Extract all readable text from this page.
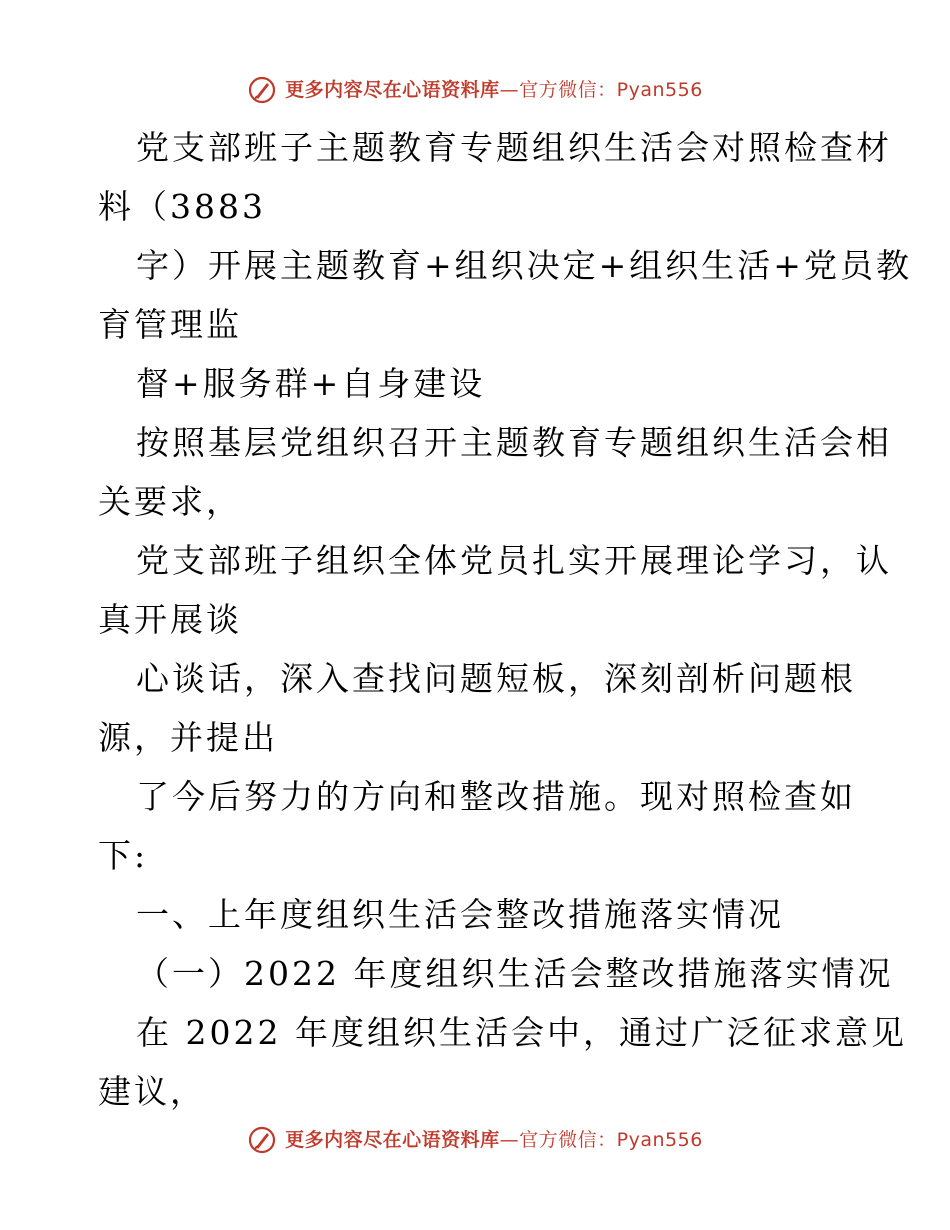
更多内容尽在心语资料库—官方微信：Pyan556
党支部班子主题教育专题组织生活会对照检查材
料（3883
字）开展主题教育+组织决定+组织生活+党员教
育管理监
督+服务群+自身建设
按照基层党组织召开主题教育专题组织生活会相
关要求，
党支部班子组织全体党员扎实开展理论学习，认
真开展谈
心谈话，深入查找问题短板，深刻剖析问题根
源，并提出
了今后努力的方向和整改措施。现对照检查如
下:
一、上年度组织生活会整改措施落实情况
（一）2022 年度组织生活会整改措施落实情况
在 2022 年度组织生活会中，通过广泛征求意见
建议，
更多内容尽在心语资料库—官方微信：Pyan556
